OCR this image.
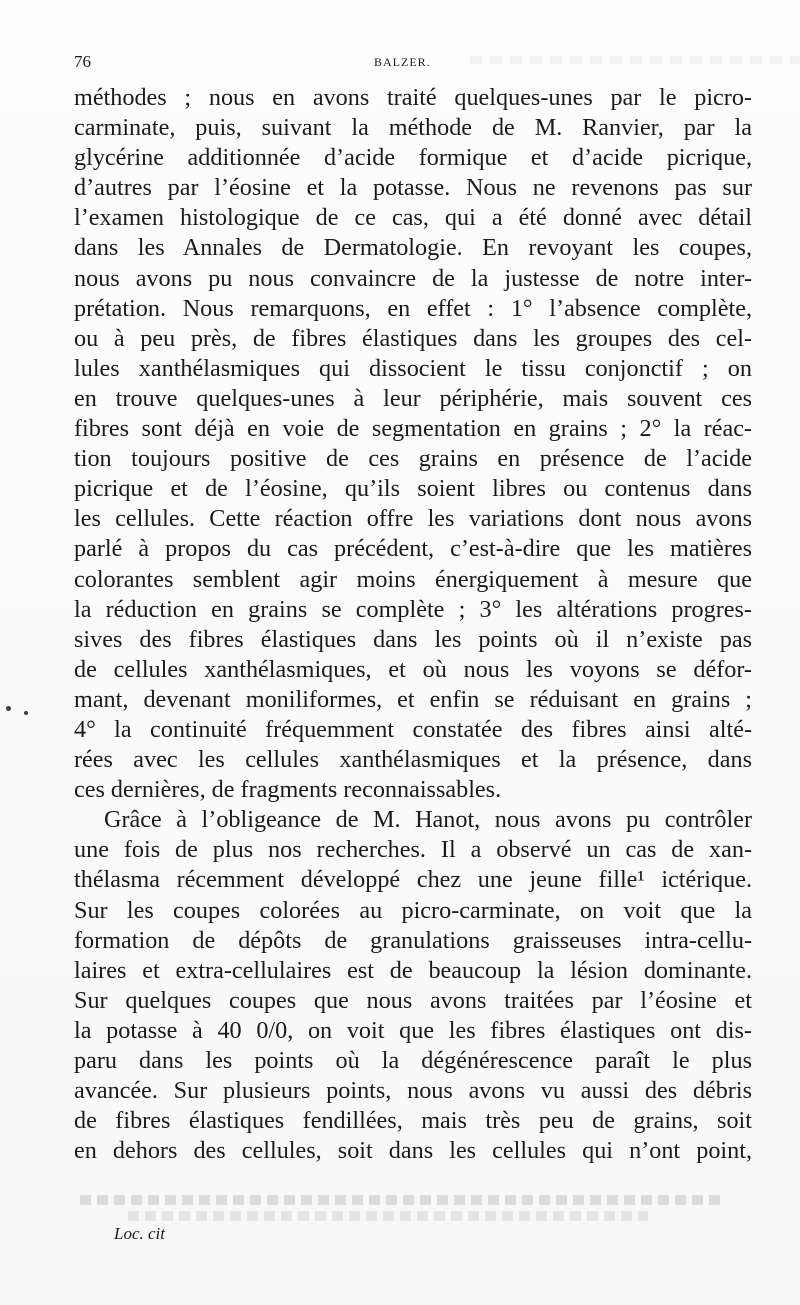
76	BALZER.
méthodes ; nous en avons traité quelques-unes par le picro-
carminate, puis, suivant la méthode de M. Ranvier, par la
glycérine additionnée d’acide formique et d’acide picrique,
d’autres par l’éosine et la potasse. Nous ne revenons pas sur
l’examen histologique de ce cas, qui a été donné avec détail
dans les Annales de Dermatologie. En revoyant les coupes,
nous avons pu nous convaincre de la justesse de notre inter-
prétation. Nous remarquons, en effet : 1° l’absence complète,
ou à peu près, de fibres élastiques dans les groupes des cel-
lules xanthélasmiques qui dissocient le tissu conjonctif ; on
en trouve quelques-unes à leur périphérie, mais souvent ces
fibres sont déjà en voie de segmentation en grains ; 2° la réac-
tion toujours positive de ces grains en présence de l’acide
picrique et de l’éosine, qu’ils soient libres ou contenus dans
les cellules. Cette réaction offre les variations dont nous avons
parlé à propos du cas précédent, c’est-à-dire que les matières
colorantes semblent agir moins énergiquement à mesure que
la réduction en grains se complète ; 3° les altérations progres-
sives des fibres élastiques dans les points où il n’existe pas
de cellules xanthélasmiques, et où nous les voyons se défor-
mant, devenant moniliformes, et enfin se réduisant en grains ;
4° la continuité fréquemment constatée des fibres ainsi alté-
rées avec les cellules xanthélasmiques et la présence, dans
ces dernières, de fragments reconnaissables.
Grâce à l’obligeance de M. Hanot, nous avons pu contrôler
une fois de plus nos recherches. Il a observé un cas de xan-
thélasma récemment développé chez une jeune fille¹ ictérique.
Sur les coupes colorées au picro-carminate, on voit que la
formation de dépôts de granulations graisseuses intra-cellu-
laires et extra-cellulaires est de beaucoup la lésion dominante.
Sur quelques coupes que nous avons traitées par l’éosine et
la potasse à 40 0/0, on voit que les fibres élastiques ont dis-
paru dans les points où la dégénérescence paraît le plus
avancée. Sur plusieurs points, nous avons vu aussi des débris
de fibres élastiques fendillées, mais très peu de grains, soit
en dehors des cellules, soit dans les cellules qui n’ont point,
Loc. cit
